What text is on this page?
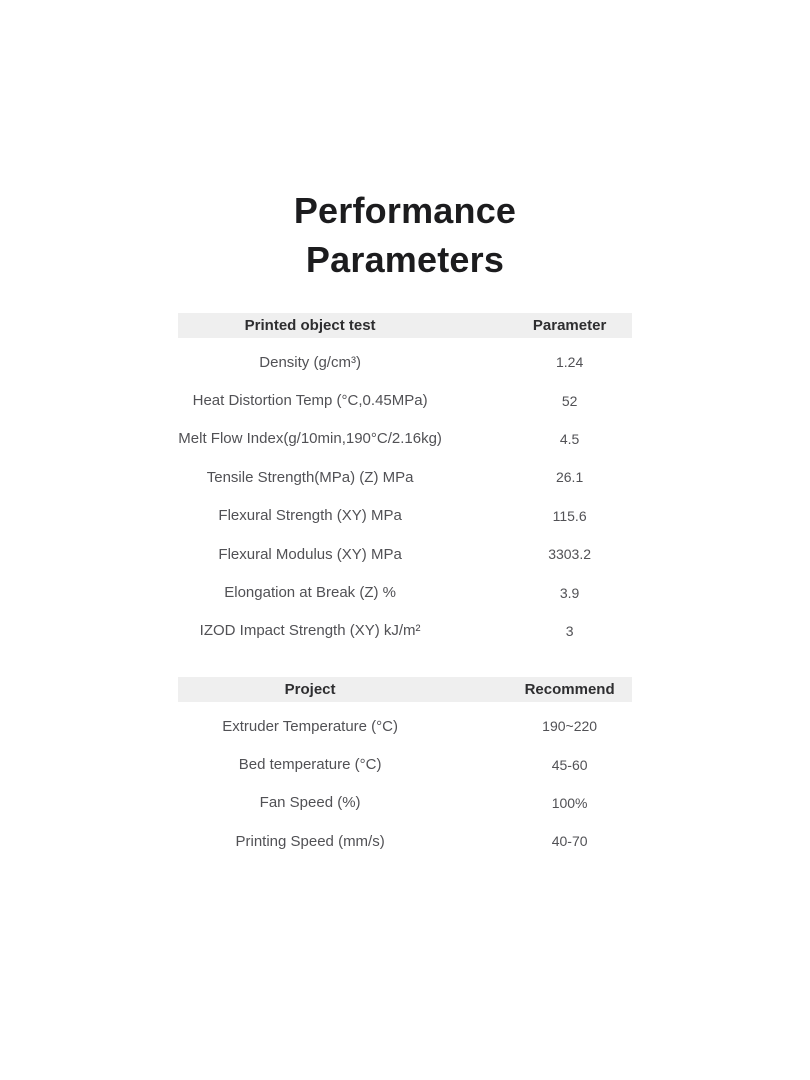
Performance Parameters
Printed object test	Parameter
Density (g/cm³)	1.24
Heat Distortion Temp (°C,0.45MPa)	52
Melt Flow Index(g/10min,190°C/2.16kg)	4.5
Tensile Strength(MPa) (Z) MPa	26.1
Flexural Strength (XY) MPa	115.6
Flexural Modulus (XY) MPa	3303.2
Elongation at Break (Z) %	3.9
IZOD Impact Strength (XY) kJ/m²	3
Project	Recommend
Extruder Temperature (°C)	190~220
Bed temperature (°C)	45-60
Fan Speed (%)	100%
Printing Speed (mm/s)	40-70
